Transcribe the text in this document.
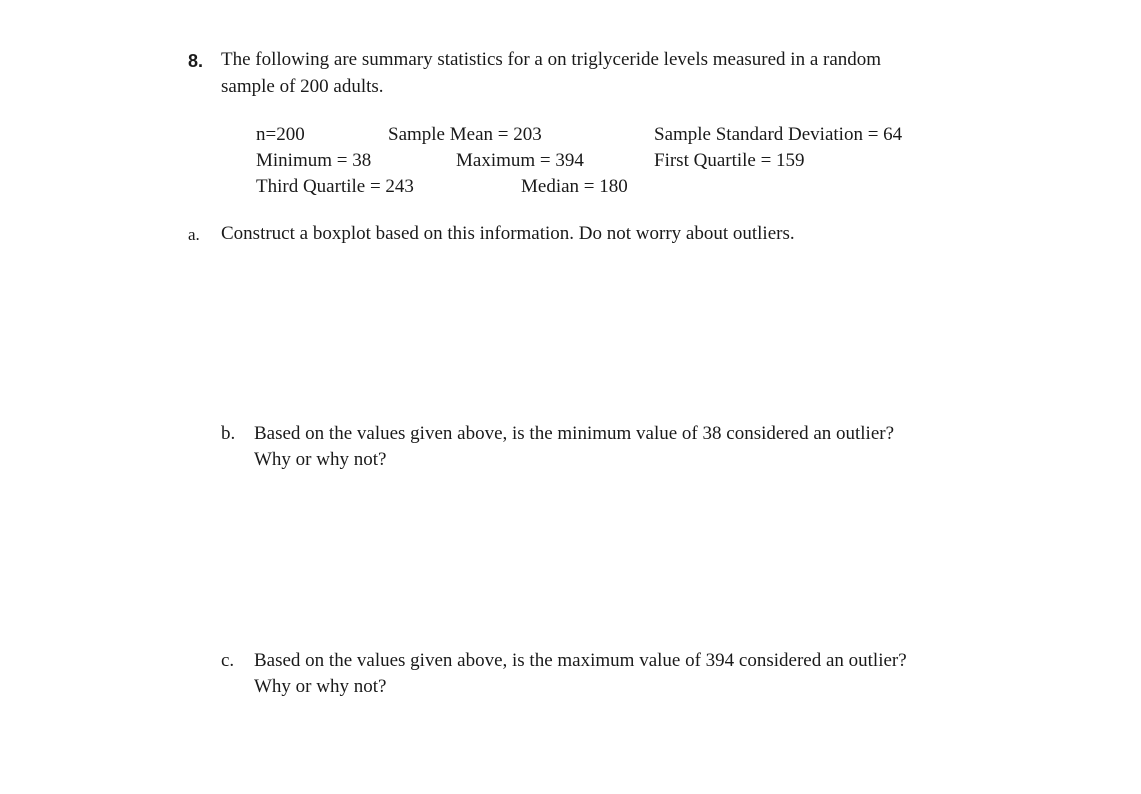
8. The following are summary statistics for a on triglyceride levels measured in a random
sample of 200 adults.
n=200	Sample Mean = 203	Sample Standard Deviation = 64
Minimum = 38	Maximum = 394	First Quartile = 159
Third Quartile = 243	Median = 180
a. Construct a boxplot based on this information. Do not worry about outliers.
b. Based on the values given above, is the minimum value of 38 considered an outlier?
Why or why not?
c. Based on the values given above, is the maximum value of 394 considered an outlier?
Why or why not?
